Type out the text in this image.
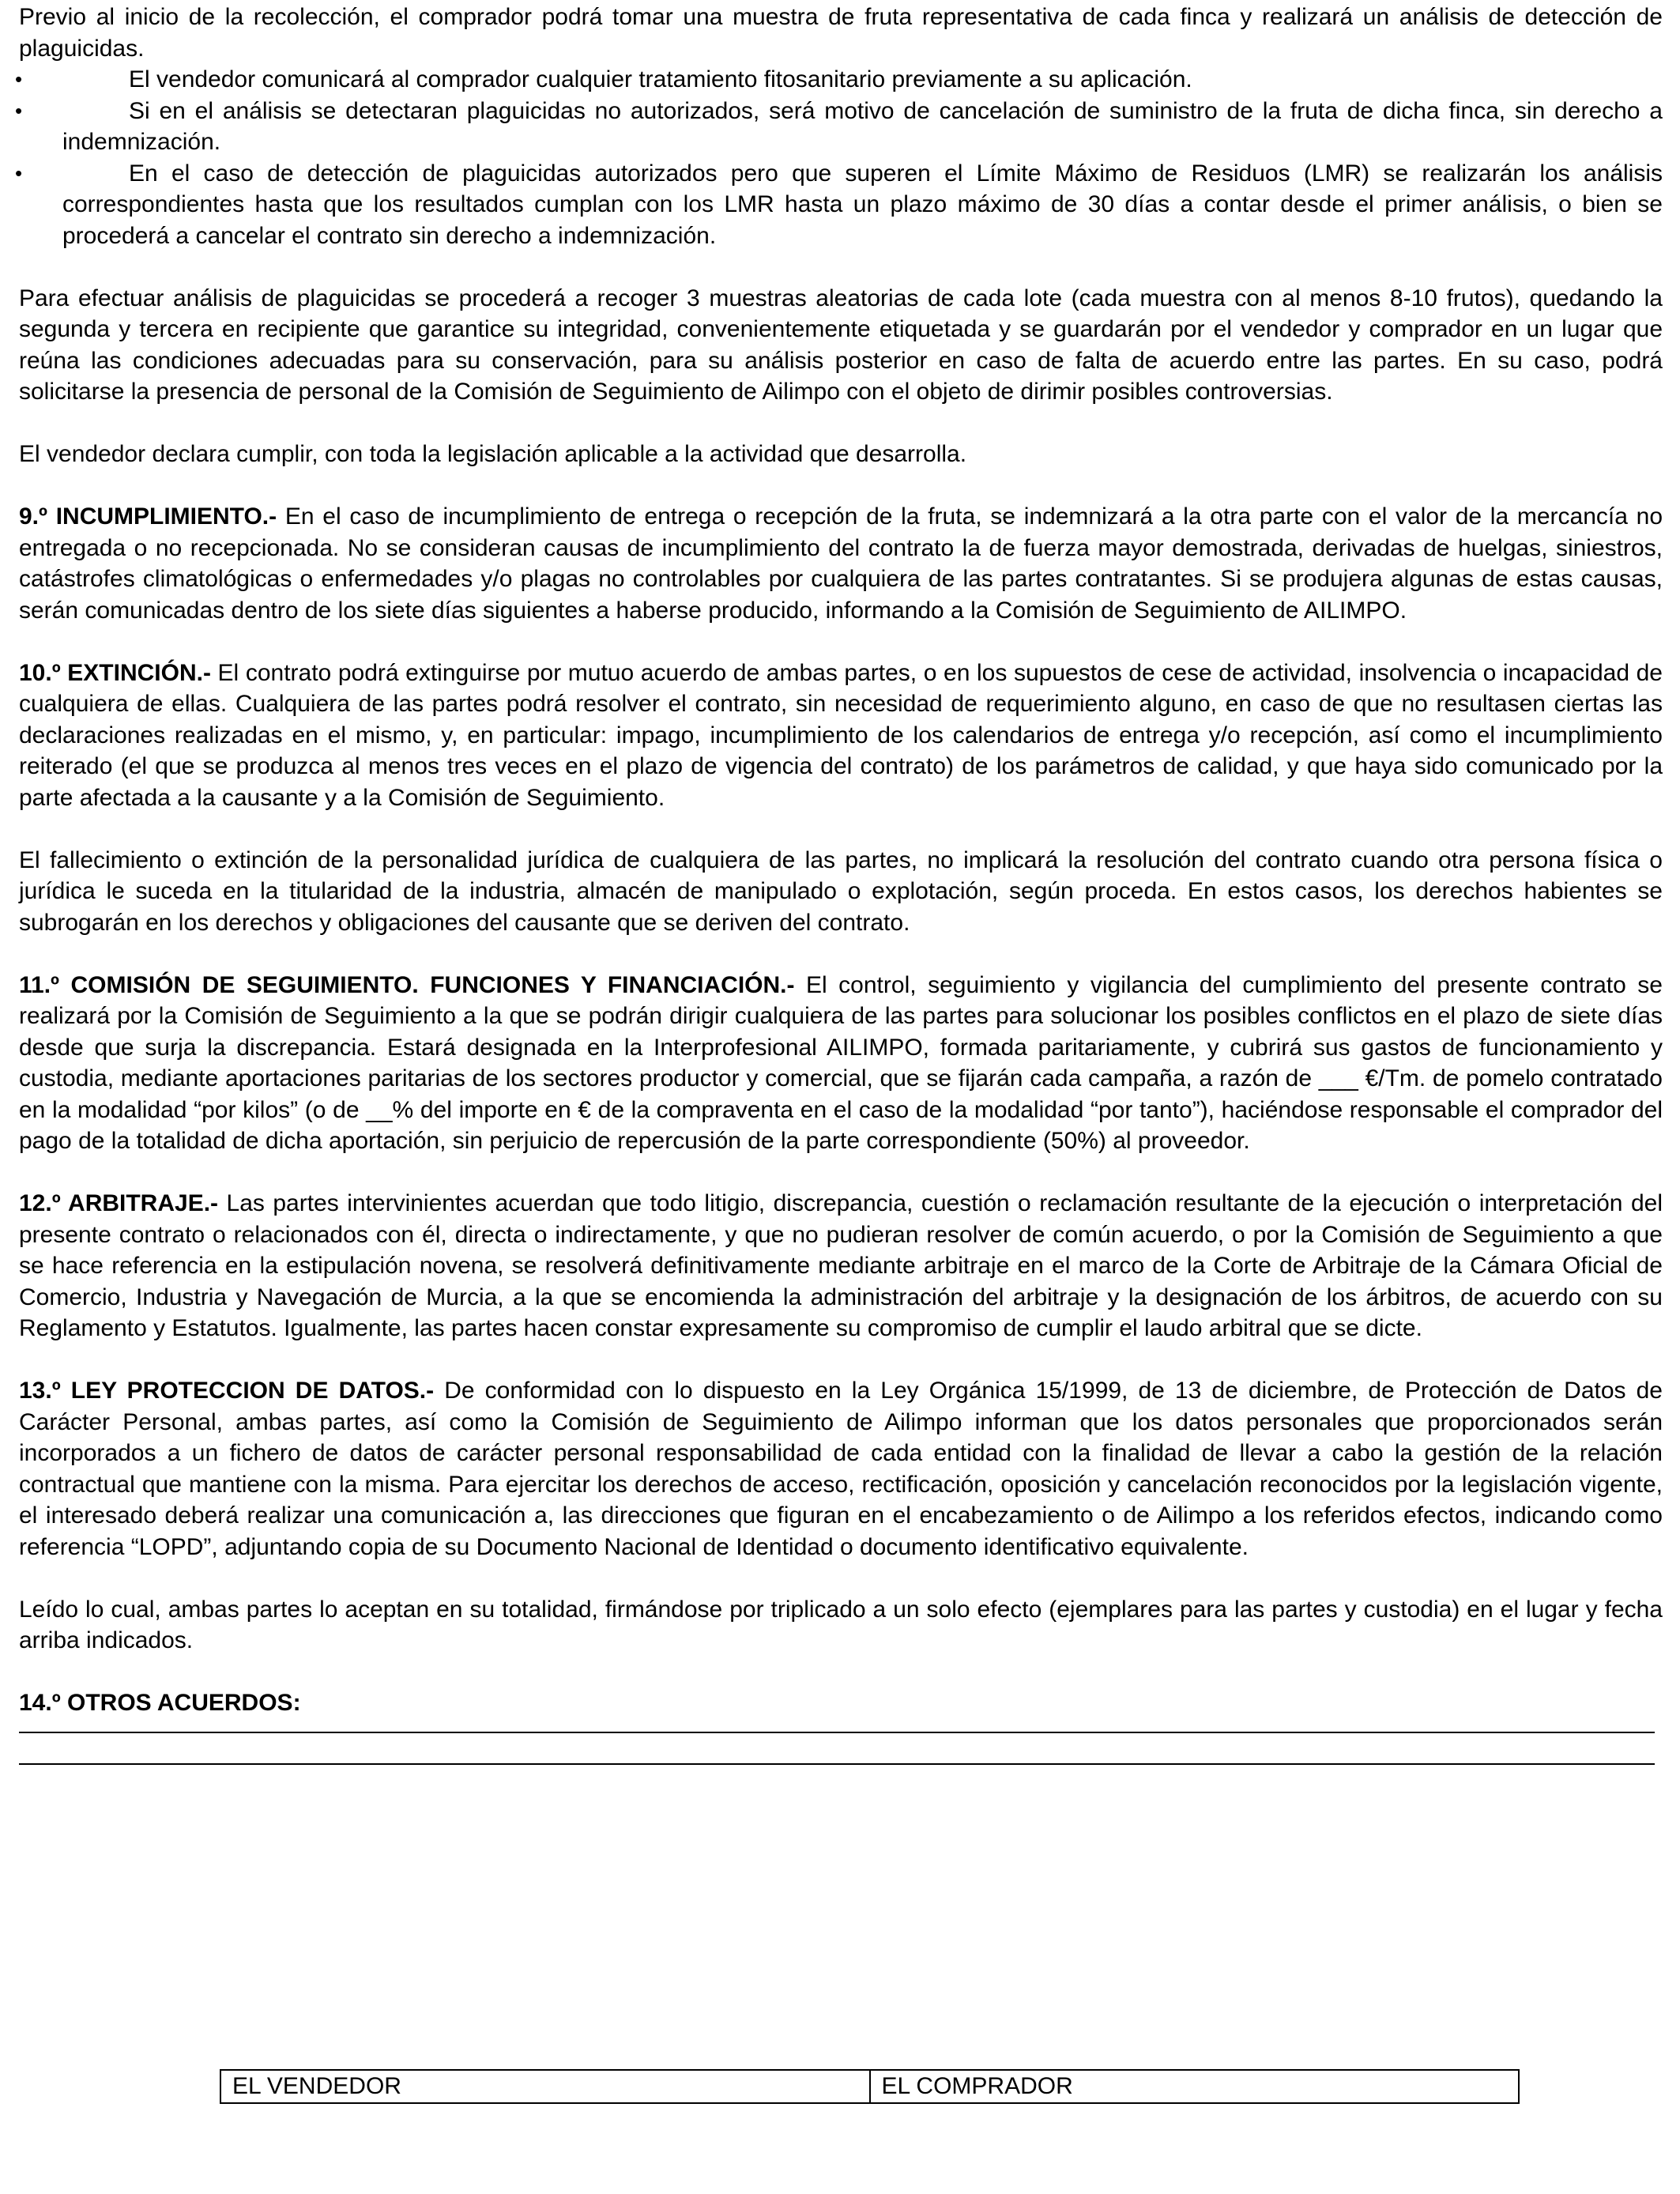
Previo al inicio de la recolección, el comprador podrá tomar una muestra de fruta representativa de cada finca y realizará un análisis de detección de plaguicidas.

•	El vendedor comunicará al comprador cualquier tratamiento fitosanitario previamente a su aplicación.
•	Si en el análisis se detectaran plaguicidas no autorizados, será motivo de cancelación de suministro de la fruta de dicha finca, sin derecho a indemnización.
•	En el caso de detección de plaguicidas autorizados pero que superen el Límite Máximo de Residuos (LMR) se realizarán los análisis correspondientes hasta que los resultados cumplan con los LMR hasta un plazo máximo de 30 días a contar desde el primer análisis, o bien se procederá a cancelar el contrato sin derecho a indemnización.

Para efectuar análisis de plaguicidas se procederá a recoger 3 muestras aleatorias de cada lote (cada muestra con al menos 8-10 frutos), quedando la segunda y tercera en recipiente que garantice su integridad, convenientemente etiquetada y se guardarán por el vendedor y comprador en un lugar que reúna las condiciones adecuadas para su conservación, para su análisis posterior en caso de falta de acuerdo entre las partes. En su caso, podrá solicitarse la presencia de personal de la Comisión de Seguimiento de Ailimpo con el objeto de dirimir posibles controversias.

El vendedor declara cumplir, con toda la legislación aplicable a la actividad que desarrolla.

9.º INCUMPLIMIENTO.- En el caso de incumplimiento de entrega o recepción de la fruta, se indemnizará a la otra parte con el valor de la mercancía no entregada o no recepcionada. No se consideran causas de incumplimiento del contrato la de fuerza mayor demostrada, derivadas de huelgas, siniestros, catástrofes climatológicas o enfermedades y/o plagas no controlables por cualquiera de las partes contratantes. Si se produjera algunas de estas causas, serán comunicadas dentro de los siete días siguientes a haberse producido, informando a la Comisión de Seguimiento de AILIMPO.

10.º EXTINCIÓN.- El contrato podrá extinguirse por mutuo acuerdo de ambas partes, o en los supuestos de cese de actividad, insolvencia o incapacidad de cualquiera de ellas. Cualquiera de las partes podrá resolver el contrato, sin necesidad de requerimiento alguno, en caso de que no resultasen ciertas las declaraciones realizadas en el mismo, y, en particular: impago, incumplimiento de los calendarios de entrega y/o recepción, así como el incumplimiento reiterado (el que se produzca al menos tres veces en el plazo de vigencia del contrato) de los parámetros de calidad, y que haya sido comunicado por la parte afectada a la causante y a la Comisión de Seguimiento.

El fallecimiento o extinción de la personalidad jurídica de cualquiera de las partes, no implicará la resolución del contrato cuando otra persona física o jurídica le suceda en la titularidad de la industria, almacén de manipulado o explotación, según proceda. En estos casos, los derechos habientes se subrogarán en los derechos y obligaciones del causante que se deriven del contrato.

11.º COMISIÓN DE SEGUIMIENTO. FUNCIONES Y FINANCIACIÓN.- El control, seguimiento y vigilancia del cumplimiento del presente contrato se realizará por la Comisión de Seguimiento a la que se podrán dirigir cualquiera de las partes para solucionar los posibles conflictos en el plazo de siete días desde que surja la discrepancia. Estará designada en la Interprofesional AILIMPO, formada paritariamente, y cubrirá sus gastos de funcionamiento y custodia, mediante aportaciones paritarias de los sectores productor y comercial, que se fijarán cada campaña, a razón de ___ €/Tm. de pomelo contratado en la modalidad “por kilos” (o de __% del importe en € de la compraventa en el caso de la modalidad “por tanto”), haciéndose responsable el comprador del pago de la totalidad de dicha aportación, sin perjuicio de repercusión de la parte correspondiente (50%) al proveedor.

12.º ARBITRAJE.- Las partes intervinientes acuerdan que todo litigio, discrepancia, cuestión o reclamación resultante de la ejecución o interpretación del presente contrato o relacionados con él, directa o indirectamente, y que no pudieran resolver de común acuerdo, o por la Comisión de Seguimiento a que se hace referencia en la estipulación novena, se resolverá definitivamente mediante arbitraje en el marco de la Corte de Arbitraje de la Cámara Oficial de Comercio, Industria y Navegación de Murcia, a la que se encomienda la administración del arbitraje y la designación de los árbitros, de acuerdo con su Reglamento y Estatutos. Igualmente, las partes hacen constar expresamente su compromiso de cumplir el laudo arbitral que se dicte.

13.º LEY PROTECCION DE DATOS.- De conformidad con lo dispuesto en la Ley Orgánica 15/1999, de 13 de diciembre, de Protección de Datos de Carácter Personal, ambas partes, así como la Comisión de Seguimiento de Ailimpo informan que los datos personales que proporcionados serán incorporados a un fichero de datos de carácter personal responsabilidad de cada entidad con la finalidad de llevar a cabo la gestión de la relación contractual que mantiene con la misma. Para ejercitar los derechos de acceso, rectificación, oposición y cancelación reconocidos por la legislación vigente, el interesado deberá realizar una comunicación a, las direcciones que figuran en el encabezamiento o de Ailimpo a los referidos efectos, indicando como referencia “LOPD”, adjuntando copia de su Documento Nacional de Identidad o documento identificativo equivalente.

Leído lo cual, ambas partes lo aceptan en su totalidad, firmándose por triplicado a un solo efecto (ejemplares para las partes y custodia) en el lugar y fecha arriba indicados.

14.º OTROS ACUERDOS:

EL VENDEDOR	EL COMPRADOR
